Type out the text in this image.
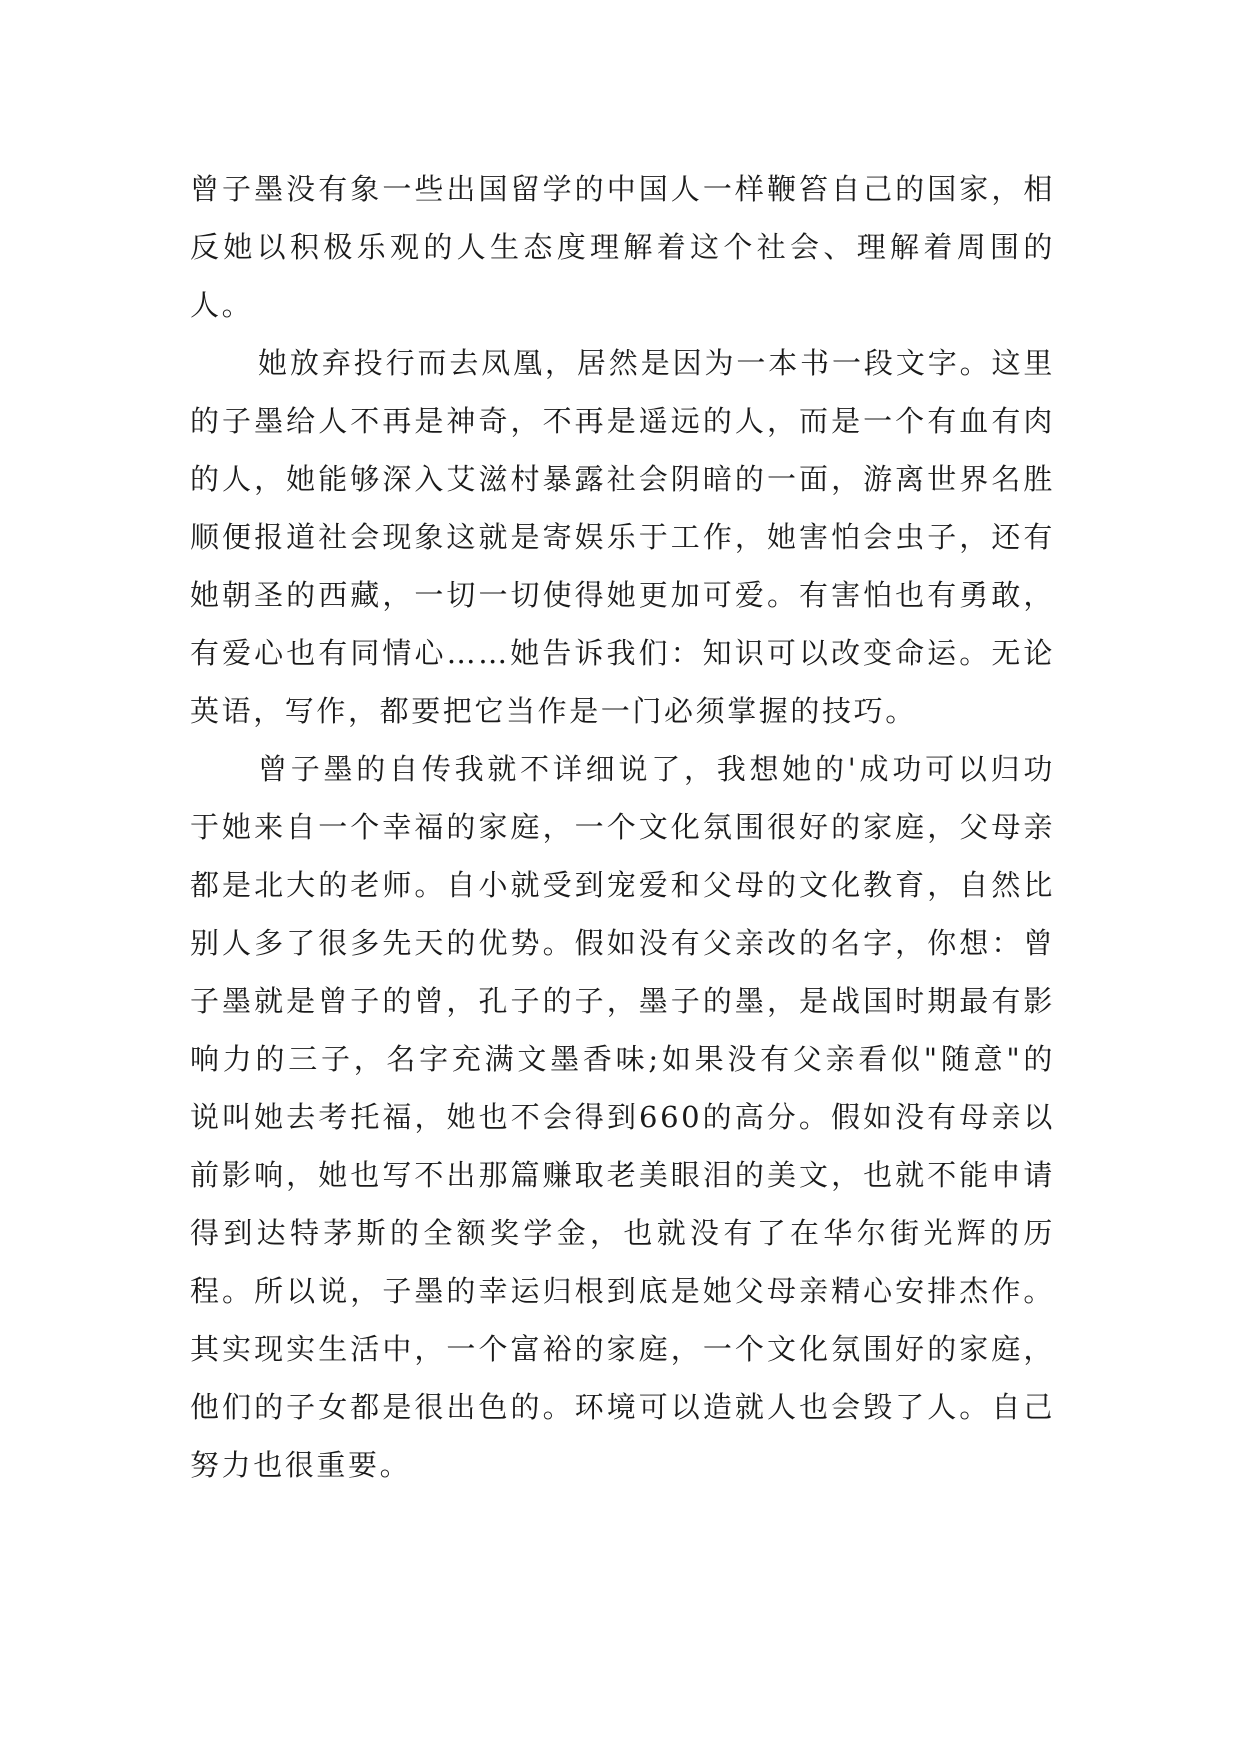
曾子墨没有象一些出国留学的中国人一样鞭笞自己的国家，相反她以积极乐观的人生态度理解着这个社会、理解着周围的人。

她放弃投行而去凤凰，居然是因为一本书一段文字。这里的子墨给人不再是神奇，不再是遥远的人，而是一个有血有肉的人，她能够深入艾滋村暴露社会阴暗的一面，游离世界名胜顺便报道社会现象这就是寄娱乐于工作，她害怕会虫子，还有她朝圣的西藏，一切一切使得她更加可爱。有害怕也有勇敢，有爱心也有同情心……她告诉我们：知识可以改变命运。无论英语，写作，都要把它当作是一门必须掌握的技巧。

曾子墨的自传我就不详细说了，我想她的'成功可以归功于她来自一个幸福的家庭，一个文化氛围很好的家庭，父母亲都是北大的老师。自小就受到宠爱和父母的文化教育，自然比别人多了很多先天的优势。假如没有父亲改的名字，你想：曾子墨就是曾子的曾，孔子的子，墨子的墨，是战国时期最有影响力的三子，名字充满文墨香味;如果没有父亲看似"随意"的说叫她去考托福，她也不会得到660的高分。假如没有母亲以前影响，她也写不出那篇赚取老美眼泪的美文，也就不能申请得到达特茅斯的全额奖学金，也就没有了在华尔街光辉的历程。所以说，子墨的幸运归根到底是她父母亲精心安排杰作。其实现实生活中，一个富裕的家庭，一个文化氛围好的家庭，他们的子女都是很出色的。环境可以造就人也会毁了人。自己努力也很重要。
